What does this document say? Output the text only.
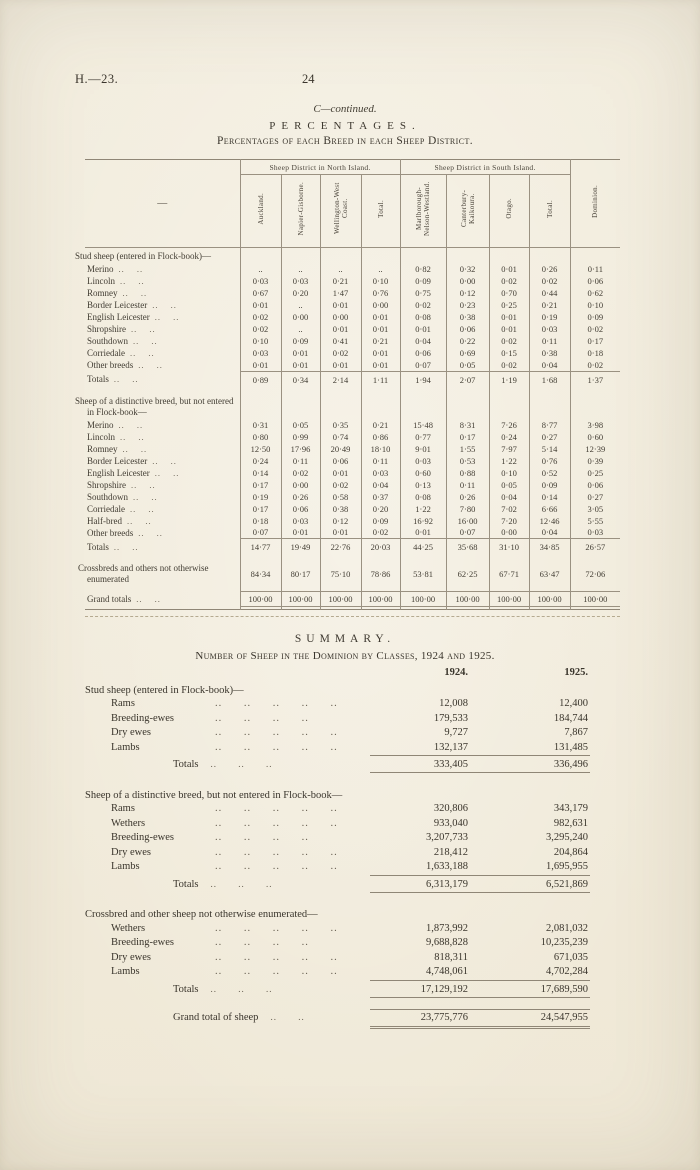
H.—23.	24
C—continued.
PERCENTAGES.
Percentages of each Breed in each Sheep District.
—	Sheep District in North Island.				Sheep District in South Island.				Dominion.
	Auckland.	Napier-Gisborne.	Wellington-West Coast.	Total.	Marlborough-Nelson-Westland.	Canterbury-Kaikoura.	Otago.	Total.	
Stud sheep (entered in Flock-book)—									
Merino .. ..	..	..	..	..	0·82	0·32	0·01	0·26	0·11
Lincoln .. ..	0·03	0·03	0·21	0·10	0·09	0·00	0·02	0·02	0·06
Romney .. ..	0·67	0·20	1·47	0·76	0·75	0·12	0·70	0·44	0·62
Border Leicester .. ..	0·01	..	0·01	0·00	0·02	0·23	0·25	0·21	0·10
English Leicester .. ..	0·02	0·00	0·00	0·01	0·08	0·38	0·01	0·19	0·09
Shropshire .. ..	0·02	..	0·01	0·01	0·01	0·06	0·01	0·03	0·02
Southdown .. ..	0·10	0·09	0·41	0·21	0·04	0·22	0·02	0·11	0·17
Corriedale .. ..	0·03	0·01	0·02	0·01	0·06	0·69	0·15	0·38	0·18
Other breeds .. ..	0·01	0·01	0·01	0·01	0·07	0·05	0·02	0·04	0·02
Totals .. ..	0·89	0·34	2·14	1·11	1·94	2·07	1·19	1·68	1·37

Sheep of a distinctive breed, but not entered in Flock-book—									
Merino .. ..	0·31	0·05	0·35	0·21	15·48	8·31	7·26	8·77	3·98
Lincoln .. ..	0·80	0·99	0·74	0·86	0·77	0·17	0·24	0·27	0·60
Romney .. ..	12·50	17·96	20·49	18·10	9·01	1·55	7·97	5·14	12·39
Border Leicester .. ..	0·24	0·11	0·06	0·11	0·03	0·53	1·22	0·76	0·39
English Leicester .. ..	0·14	0·02	0·01	0·03	0·60	0·88	0·10	0·52	0·25
Shropshire .. ..	0·17	0·00	0·02	0·04	0·13	0·11	0·05	0·09	0·06
Southdown .. ..	0·19	0·26	0·58	0·37	0·08	0·26	0·04	0·14	0·27
Corriedale .. ..	0·17	0·06	0·38	0·20	1·22	7·80	7·02	6·66	3·05
Half-bred .. ..	0·18	0·03	0·12	0·09	16·92	16·00	7·20	12·46	5·55
Other breeds .. ..	0·07	0·01	0·01	0·02	0·01	0·07	0·00	0·04	0·03
Totals .. ..	14·77	19·49	22·76	20·03	44·25	35·68	31·10	34·85	26·57

Crossbreds and others not otherwise enumerated	84·34	80·17	75·10	78·86	53·81	62·25	67·71	63·47	72·06

Grand totals .. ..	100·00	100·00	100·00	100·00	100·00	100·00	100·00	100·00	100·00

SUMMARY.
Number of Sheep in the Dominion by Classes, 1924 and 1925.
		1924.	1925.
Stud sheep (entered in Flock-book)—			
Rams	.. .. .. .. ..	12,008	12,400
Breeding-ewes	.. .. .. ..	179,533	184,744
Dry ewes	.. .. .. .. ..	9,727	7,867
Lambs	.. .. .. .. ..	132,137	131,485
Totals .. .. ..		333,405	336,496

Sheep of a distinctive breed, but not entered in Flock-book—			
Rams	.. .. .. .. ..	320,806	343,179
Wethers	.. .. .. .. ..	933,040	982,631
Breeding-ewes	.. .. .. ..	3,207,733	3,295,240
Dry ewes	.. .. .. .. ..	218,412	204,864
Lambs	.. .. .. .. ..	1,633,188	1,695,955
Totals .. .. ..		6,313,179	6,521,869

Crossbred and other sheep not otherwise enumerated—			
Wethers	.. .. .. .. ..	1,873,992	2,081,032
Breeding-ewes	.. .. .. ..	9,688,828	10,235,239
Dry ewes	.. .. .. .. ..	818,311	671,035
Lambs	.. .. .. .. ..	4,748,061	4,702,284
Totals .. .. ..		17,129,192	17,689,590

Grand total of sheep .. ..		23,775,776	24,547,955
